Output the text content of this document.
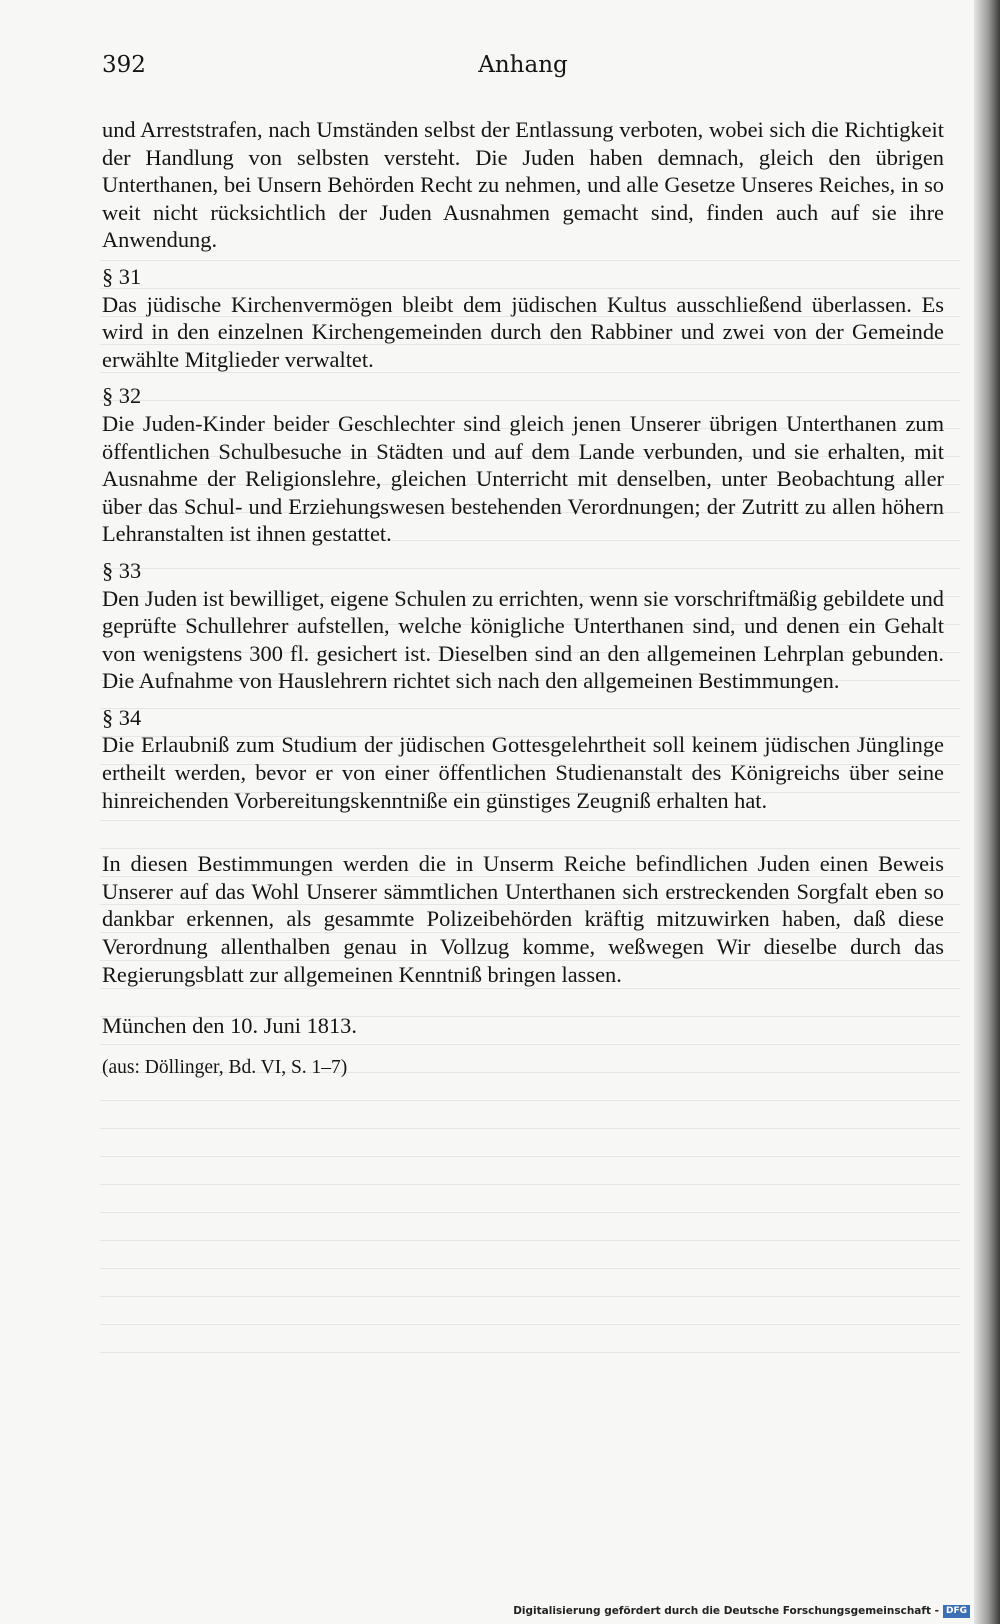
392	Anhang

und Arreststrafen, nach Umständen selbst der Entlassung verboten, wobei sich die Richtigkeit der Handlung von selbsten versteht. Die Juden haben demnach, gleich den übrigen Unterthanen, bei Unsern Behörden Recht zu nehmen, und alle Gesetze Unseres Reiches, in so weit nicht rücksichtlich der Juden Ausnahmen gemacht sind, finden auch auf sie ihre Anwendung.

§ 31

Das jüdische Kirchenvermögen bleibt dem jüdischen Kultus ausschließend überlassen. Es wird in den einzelnen Kirchengemeinden durch den Rabbiner und zwei von der Gemeinde erwählte Mitglieder verwaltet.

§ 32

Die Juden-Kinder beider Geschlechter sind gleich jenen Unserer übrigen Unterthanen zum öffentlichen Schulbesuche in Städten und auf dem Lande verbunden, und sie erhalten, mit Ausnahme der Religionslehre, gleichen Unterricht mit denselben, unter Beobachtung aller über das Schul- und Erziehungswesen bestehenden Verordnungen; der Zutritt zu allen höhern Lehranstalten ist ihnen gestattet.

§ 33

Den Juden ist bewilliget, eigene Schulen zu errichten, wenn sie vorschriftmäßig gebildete und geprüfte Schullehrer aufstellen, welche königliche Unterthanen sind, und denen ein Gehalt von wenigstens 300 fl. gesichert ist. Dieselben sind an den allgemeinen Lehrplan gebunden. Die Aufnahme von Hauslehrern richtet sich nach den allgemeinen Bestimmungen.

§ 34

Die Erlaubniß zum Studium der jüdischen Gottesgelehrtheit soll keinem jüdischen Jünglinge ertheilt werden, bevor er von einer öffentlichen Studienanstalt des Königreichs über seine hinreichenden Vorbereitungskenntniße ein günstiges Zeugniß erhalten hat.

In diesen Bestimmungen werden die in Unserm Reiche befindlichen Juden einen Beweis Unserer auf das Wohl Unserer sämmtlichen Unterthanen sich erstreckenden Sorgfalt eben so dankbar erkennen, als gesammte Polizeibehörden kräftig mitzuwirken haben, daß diese Verordnung allenthalben genau in Vollzug komme, weßwegen Wir dieselbe durch das Regierungsblatt zur allgemeinen Kenntniß bringen lassen.

München den 10. Juni 1813.

(aus: Döllinger, Bd. VI, S. 1–7)

Digitalisierung gefördert durch die Deutsche Forschungsgemeinschaft - DFG
